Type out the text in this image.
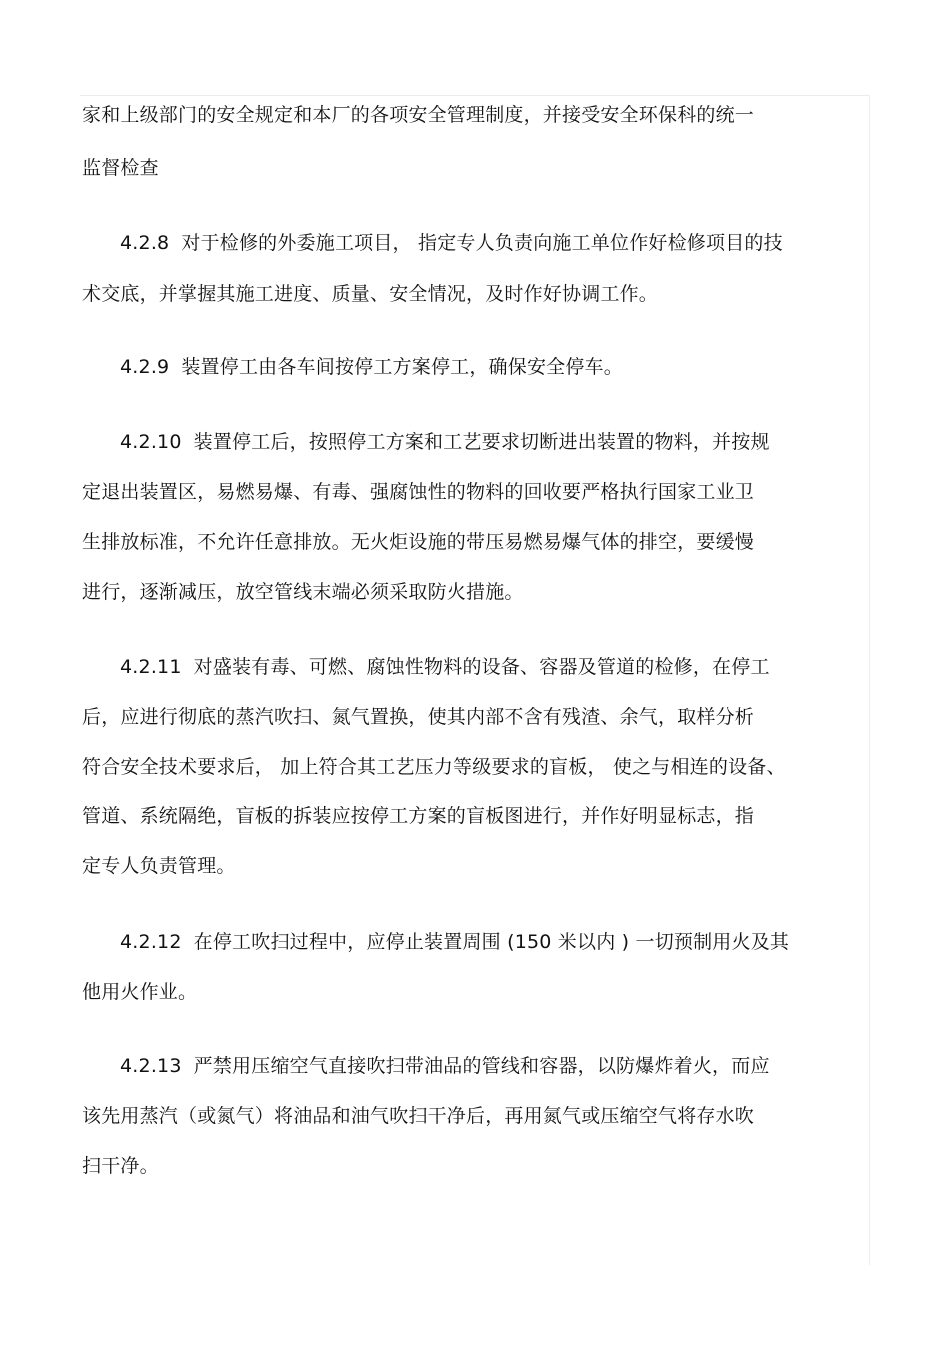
家和上级部门的安全规定和本厂的各项安全管理制度，并接受安全环保科的统一
监督检查
4.2.8 对于检修的外委施工项目， 指定专人负责向施工单位作好检修项目的技
术交底，并掌握其施工进度、质量、安全情况，及时作好协调工作。
4.2.9 装置停工由各车间按停工方案停工，确保安全停车。
4.2.10 装置停工后，按照停工方案和工艺要求切断进出装置的物料，并按规
定退出装置区，易燃易爆、有毒、强腐蚀性的物料的回收要严格执行国家工业卫
生排放标准，不允许任意排放。无火炬设施的带压易燃易爆气体的排空，要缓慢
进行，逐渐减压，放空管线末端必须采取防火措施。
4.2.11 对盛装有毒、可燃、腐蚀性物料的设备、容器及管道的检修，在停工
后，应进行彻底的蒸汽吹扫、氮气置换，使其内部不含有残渣、余气，取样分析
符合安全技术要求后， 加上符合其工艺压力等级要求的盲板， 使之与相连的设备、
管道、系统隔绝，盲板的拆装应按停工方案的盲板图进行，并作好明显标志，指
定专人负责管理。
4.2.12 在停工吹扫过程中，应停止装置周围 (150 米以内 ) 一切预制用火及其
他用火作业。
4.2.13 严禁用压缩空气直接吹扫带油品的管线和容器，以防爆炸着火，而应
该先用蒸汽（或氮气）将油品和油气吹扫干净后，再用氮气或压缩空气将存水吹
扫干净。
